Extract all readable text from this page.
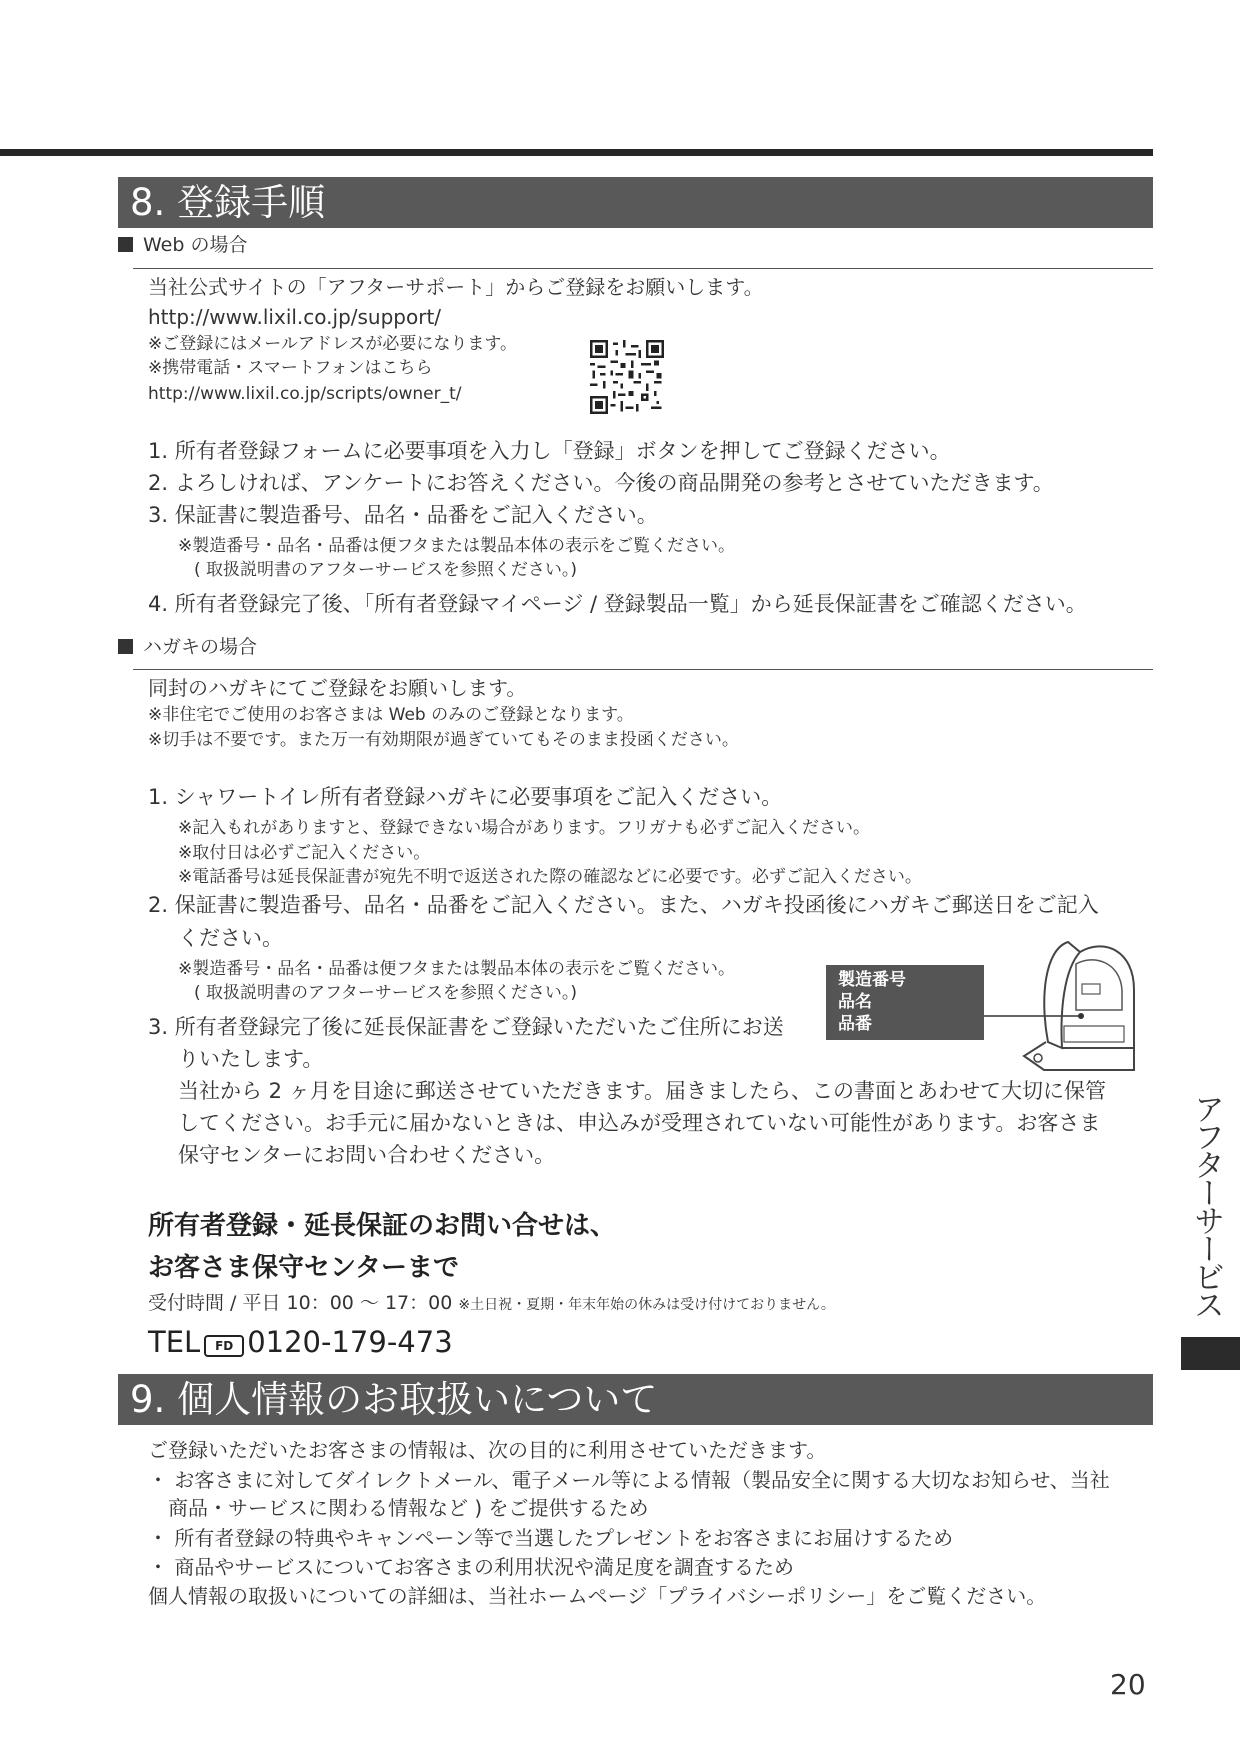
8. 登録手順
Web の場合
当社公式サイトの「アフターサポート」からご登録をお願いします。
http://www.lixil.co.jp/support/
※ご登録にはメールアドレスが必要になります。
※携帯電話・スマートフォンはこちら
http://www.lixil.co.jp/scripts/owner_t/
1. 所有者登録フォームに必要事項を入力し「登録」ボタンを押してご登録ください。
2. よろしければ、アンケートにお答えください。今後の商品開発の参考とさせていただきます。
3. 保証書に製造番号、品名・品番をご記入ください。
※製造番号・品名・品番は便フタまたは製品本体の表示をご覧ください。
( 取扱説明書のアフターサービスを参照ください。)
4. 所有者登録完了後、「所有者登録マイページ / 登録製品一覧」から延長保証書をご確認ください。
ハガキの場合
同封のハガキにてご登録をお願いします。
※非住宅でご使用のお客さまは Web のみのご登録となります。
※切手は不要です。また万一有効期限が過ぎていてもそのまま投函ください。
1. シャワートイレ所有者登録ハガキに必要事項をご記入ください。
※記入もれがありますと、登録できない場合があります。フリガナも必ずご記入ください。
※取付日は必ずご記入ください。
※電話番号は延長保証書が宛先不明で返送された際の確認などに必要です。必ずご記入ください。
2. 保証書に製造番号、品名・品番をご記入ください。また、ハガキ投函後にハガキご郵送日をご記入
ください。
※製造番号・品名・品番は便フタまたは製品本体の表示をご覧ください。
( 取扱説明書のアフターサービスを参照ください。)
3. 所有者登録完了後に延長保証書をご登録いただいたご住所にお送
りいたします。
当社から 2 ヶ月を目途に郵送させていただきます。届きましたら、この書面とあわせて大切に保管
してください。お手元に届かないときは、申込みが受理されていない可能性があります。お客さま
保守センターにお問い合わせください。
製造番号
品名
品番
所有者登録・延長保証のお問い合せは、
お客さま保守センターまで
受付時間 / 平日 10：00 ～ 17：00 ※土日祝・夏期・年末年始の休みは受け付けておりません。
TEL FD 0120-179-473
9. 個人情報のお取扱いについて
ご登録いただいたお客さまの情報は、次の目的に利用させていただきます。
・ お客さまに対してダイレクトメール、電子メール等による情報（製品安全に関する大切なお知らせ、当社
　商品・サービスに関わる情報など ) をご提供するため
・ 所有者登録の特典やキャンペーン等で当選したプレゼントをお客さまにお届けするため
・ 商品やサービスについてお客さまの利用状況や満足度を調査するため
個人情報の取扱いについての詳細は、当社ホームページ「プライバシーポリシー」をご覧ください。
アフターサービス
20
